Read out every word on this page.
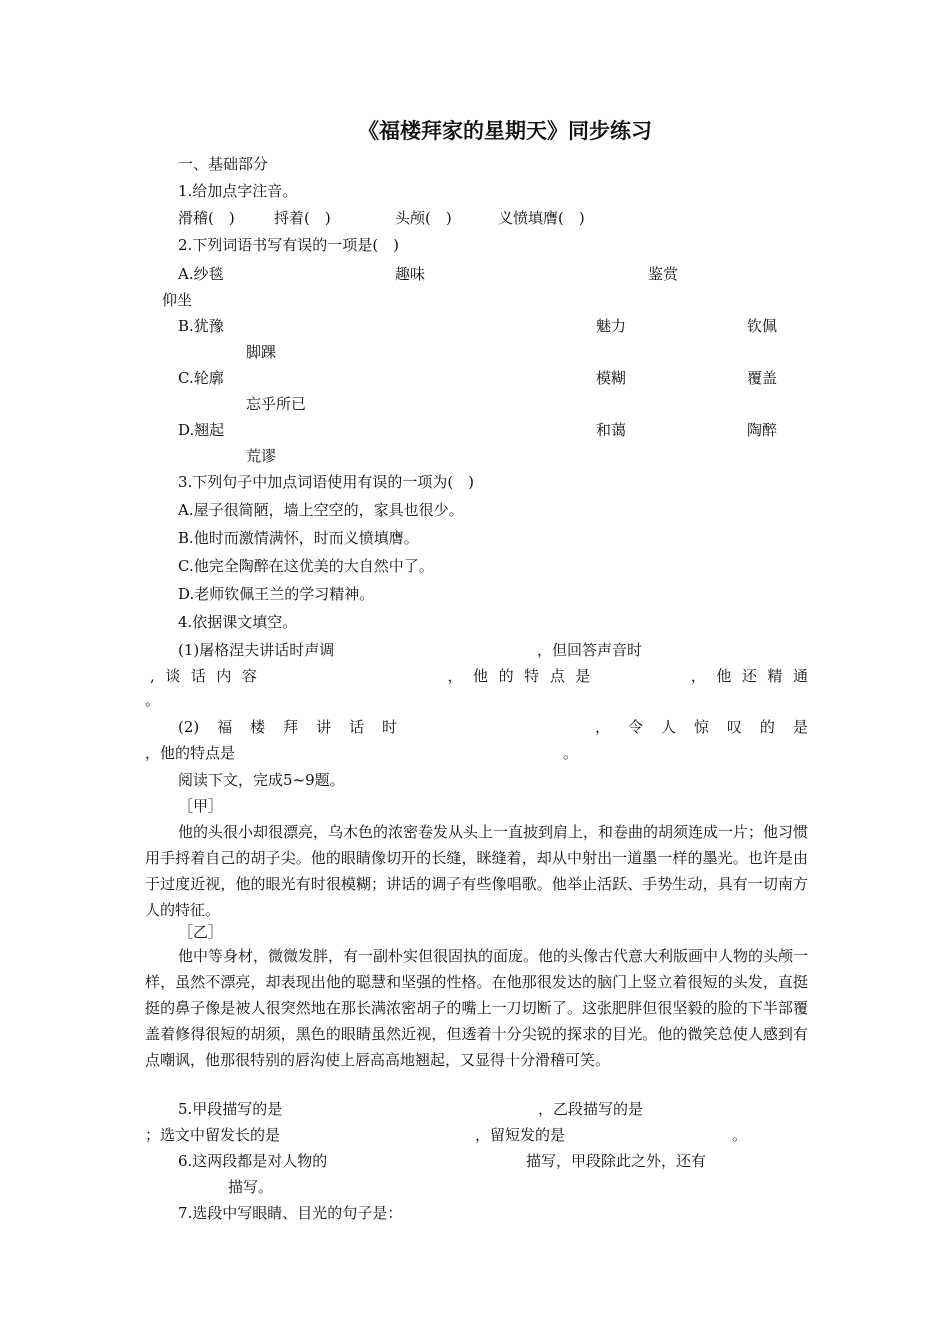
《福楼拜家的星期天》同步练习
一、基础部分
1.给加点字注音。
滑稽(　)	捋着(　)	头颅(　)	义愤填膺(　)
2.下列词语书写有误的一项是(　)
A.纱毯	趣味	鉴赏
仰坐
B.犹豫	魅力	钦佩
脚踝
C.轮廓	模糊	覆盖
忘乎所已
D.翘起	和蔼	陶醉
荒谬
3.下列句子中加点词语使用有误的一项为(　)
A.屋子很简陋，墙上空空的，家具也很少。
B.他时而激情满怀，时而义愤填膺。
C.他完全陶醉在这优美的大自然中了。
D.老师钦佩王兰的学习精神。
4.依据课文填空。
(1)屠格涅夫讲话时声调	，但回答声音时
, 谈 话 内 容	， 他 的 特 点 是	， 他 还 精 通
。
(2) 福 楼 拜 讲 话 时	， 令 人 惊 叹 的 是
，他的特点是	。
阅读下文，完成5~9题。
［甲］

他的头很小却很漂亮，乌木色的浓密卷发从头上一直披到肩上，和卷曲的胡须连成一片；他习惯用手捋着自己的胡子尖。他的眼睛像切开的长缝，眯缝着，却从中射出一道墨一样的墨光。也许是由于过度近视，他的眼光有时很模糊；讲话的调子有些像唱歌。他举止活跃、手势生动，具有一切南方人的特征。

［乙］

他中等身材，微微发胖，有一副朴实但很固执的面庞。他的头像古代意大利版画中人物的头颅一样，虽然不漂亮，却表现出他的聪慧和坚强的性格。在他那很发达的脑门上竖立着很短的头发，直挺挺的鼻子像是被人很突然地在那长满浓密胡子的嘴上一刀切断了。这张肥胖但很坚毅的脸的下半部覆盖着修得很短的胡须，黑色的眼睛虽然近视，但透着十分尖锐的探求的目光。他的微笑总使人感到有点嘲讽，他那很特别的唇沟使上唇高高地翘起，又显得十分滑稽可笑。

5.甲段描写的是	，乙段描写的是
；选文中留发长的是	，留短发的是	。
6.这两段都是对人物的	描写，甲段除此之外，还有
描写。
7.选段中写眼睛、目光的句子是：
